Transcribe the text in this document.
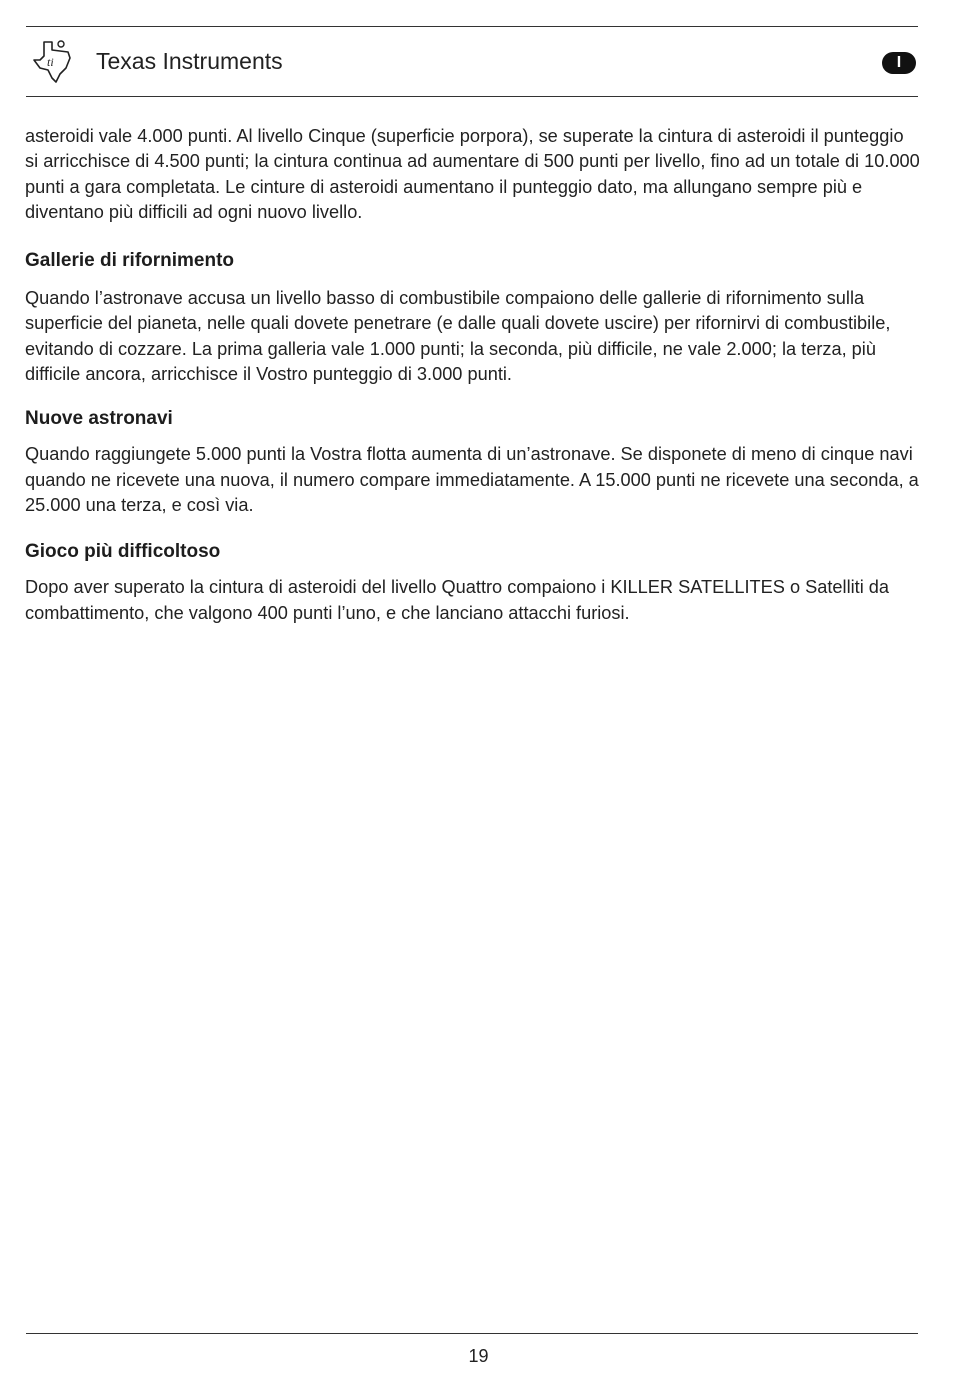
ti Texas Instruments	I

asteroidi vale 4.000 punti. Al livello Cinque (superficie porpora), se superate la cintura di asteroidi il punteggio si arricchisce di 4.500 punti; la cintura continua ad aumentare di 500 punti per livello, fino ad un totale di 10.000 punti a gara completata. Le cinture di asteroidi aumentano il punteggio dato, ma allungano sempre più e diventano più difficili ad ogni nuovo livello.

Gallerie di rifornimento

Quando l’astronave accusa un livello basso di combustibile compaiono delle gallerie di rifornimento sulla superficie del pianeta, nelle quali dovete penetrare (e dalle quali dovete uscire) per rifornirvi di combustibile, evitando di cozzare. La prima galleria vale 1.000 punti; la seconda, più difficile, ne vale 2.000; la terza, più difficile ancora, arricchisce il Vostro punteggio di 3.000 punti.

Nuove astronavi

Quando raggiungete 5.000 punti la Vostra flotta aumenta di un’astronave. Se disponete di meno di cinque navi quando ne ricevete una nuova, il numero compare immediatamente. A 15.000 punti ne ricevete una seconda, a 25.000 una terza, e così via.

Gioco più difficoltoso

Dopo aver superato la cintura di asteroidi del livello Quattro compaiono i KILLER SATELLITES o Satelliti da combattimento, che valgono 400 punti l’uno, e che lanciano attacchi furiosi.

19
